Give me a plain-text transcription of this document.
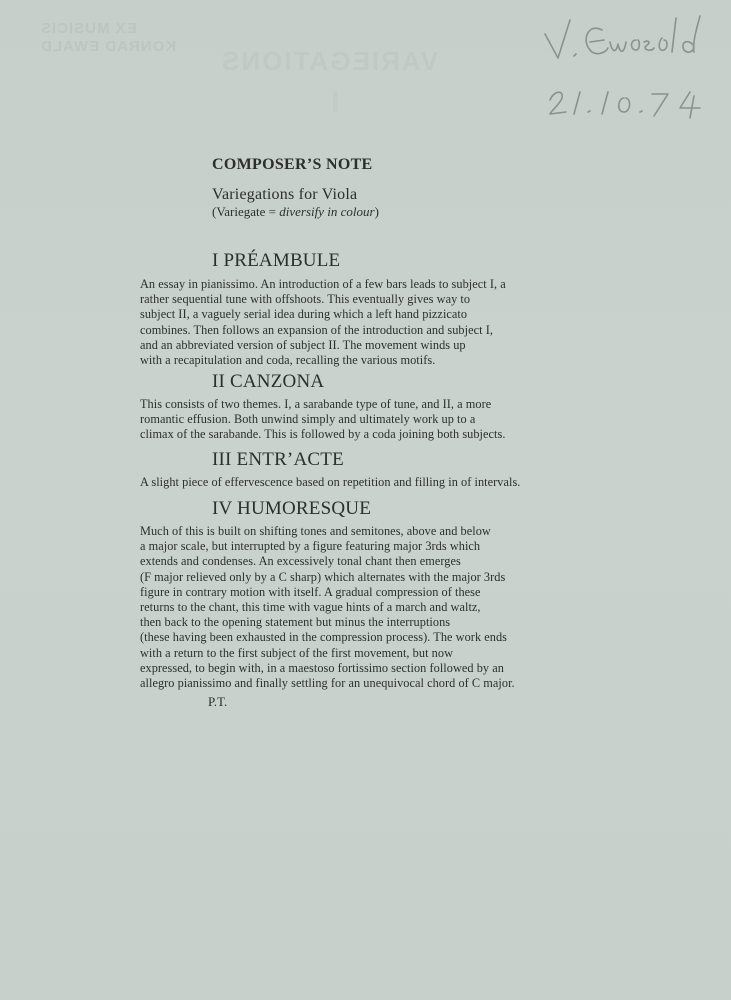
EX MUSICIS
KONRAD EWALD VARIEGATIONS
I
COMPOSER’S NOTE
Variegations for Viola
(Variegate = diversify in colour)
I PRÉAMBULE
An essay in pianissimo. An introduction of a few bars leads to subject I, a
rather sequential tune with offshoots. This eventually gives way to
subject II, a vaguely serial idea during which a left hand pizzicato
combines. Then follows an expansion of the introduction and subject I,
and an abbreviated version of subject II. The movement winds up
with a recapitulation and coda, recalling the various motifs.
II CANZONA
This consists of two themes. I, a sarabande type of tune, and II, a more
romantic effusion. Both unwind simply and ultimately work up to a
climax of the sarabande. This is followed by a coda joining both subjects.
III ENTR’ACTE
A slight piece of effervescence based on repetition and filling in of intervals.
IV HUMORESQUE
Much of this is built on shifting tones and semitones, above and below
a major scale, but interrupted by a figure featuring major 3rds which
extends and condenses. An excessively tonal chant then emerges
(F major relieved only by a C sharp) which alternates with the major 3rds
figure in contrary motion with itself. A gradual compression of these
returns to the chant, this time with vague hints of a march and waltz,
then back to the opening statement but minus the interruptions
(these having been exhausted in the compression process). The work ends
with a return to the first subject of the first movement, but now
expressed, to begin with, in a maestoso fortissimo section followed by an
allegro pianissimo and finally settling for an unequivocal chord of C major.
P.T.
